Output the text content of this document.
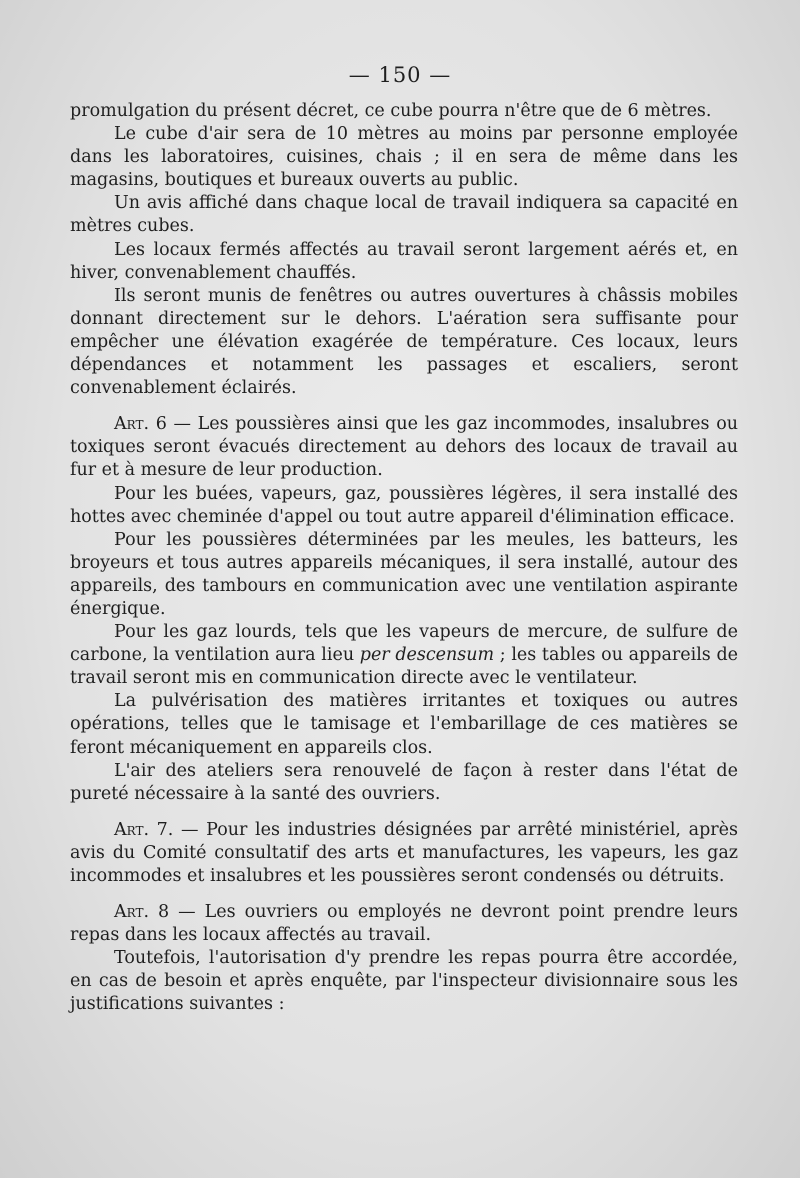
— 150 —

promulgation du présent décret, ce cube pourra n'être que de 6 mètres.

Le cube d'air sera de 10 mètres au moins par personne employée dans les laboratoires, cuisines, chais ; il en sera de même dans les magasins, boutiques et bureaux ouverts au public.

Un avis affiché dans chaque local de travail indiquera sa capacité en mètres cubes.

Les locaux fermés affectés au travail seront largement aérés et, en hiver, convenablement chauffés.

Ils seront munis de fenêtres ou autres ouvertures à châssis mobiles donnant directement sur le dehors. L'aération sera suffisante pour empêcher une élévation exagérée de température. Ces locaux, leurs dépendances et notamment les passages et escaliers, seront convenablement éclairés.

Art. 6 — Les poussières ainsi que les gaz incommodes, insalubres ou toxiques seront évacués directement au dehors des locaux de travail au fur et à mesure de leur production.

Pour les buées, vapeurs, gaz, poussières légères, il sera installé des hottes avec cheminée d'appel ou tout autre appareil d'élimination efficace.

Pour les poussières déterminées par les meules, les batteurs, les broyeurs et tous autres appareils mécaniques, il sera installé, autour des appareils, des tambours en communication avec une ventilation aspirante énergique.

Pour les gaz lourds, tels que les vapeurs de mercure, de sulfure de carbone, la ventilation aura lieu per descensum ; les tables ou appareils de travail seront mis en communication directe avec le ventilateur.

La pulvérisation des matières irritantes et toxiques ou autres opérations, telles que le tamisage et l'embarillage de ces matières se feront mécaniquement en appareils clos.

L'air des ateliers sera renouvelé de façon à rester dans l'état de pureté nécessaire à la santé des ouvriers.

Art. 7. — Pour les industries désignées par arrêté ministériel, après avis du Comité consultatif des arts et manufactures, les vapeurs, les gaz incommodes et insalubres et les poussières seront condensés ou détruits.

Art. 8 — Les ouvriers ou employés ne devront point prendre leurs repas dans les locaux affectés au travail.

Toutefois, l'autorisation d'y prendre les repas pourra être accordée, en cas de besoin et après enquête, par l'inspecteur divisionnaire sous les justifications suivantes :
